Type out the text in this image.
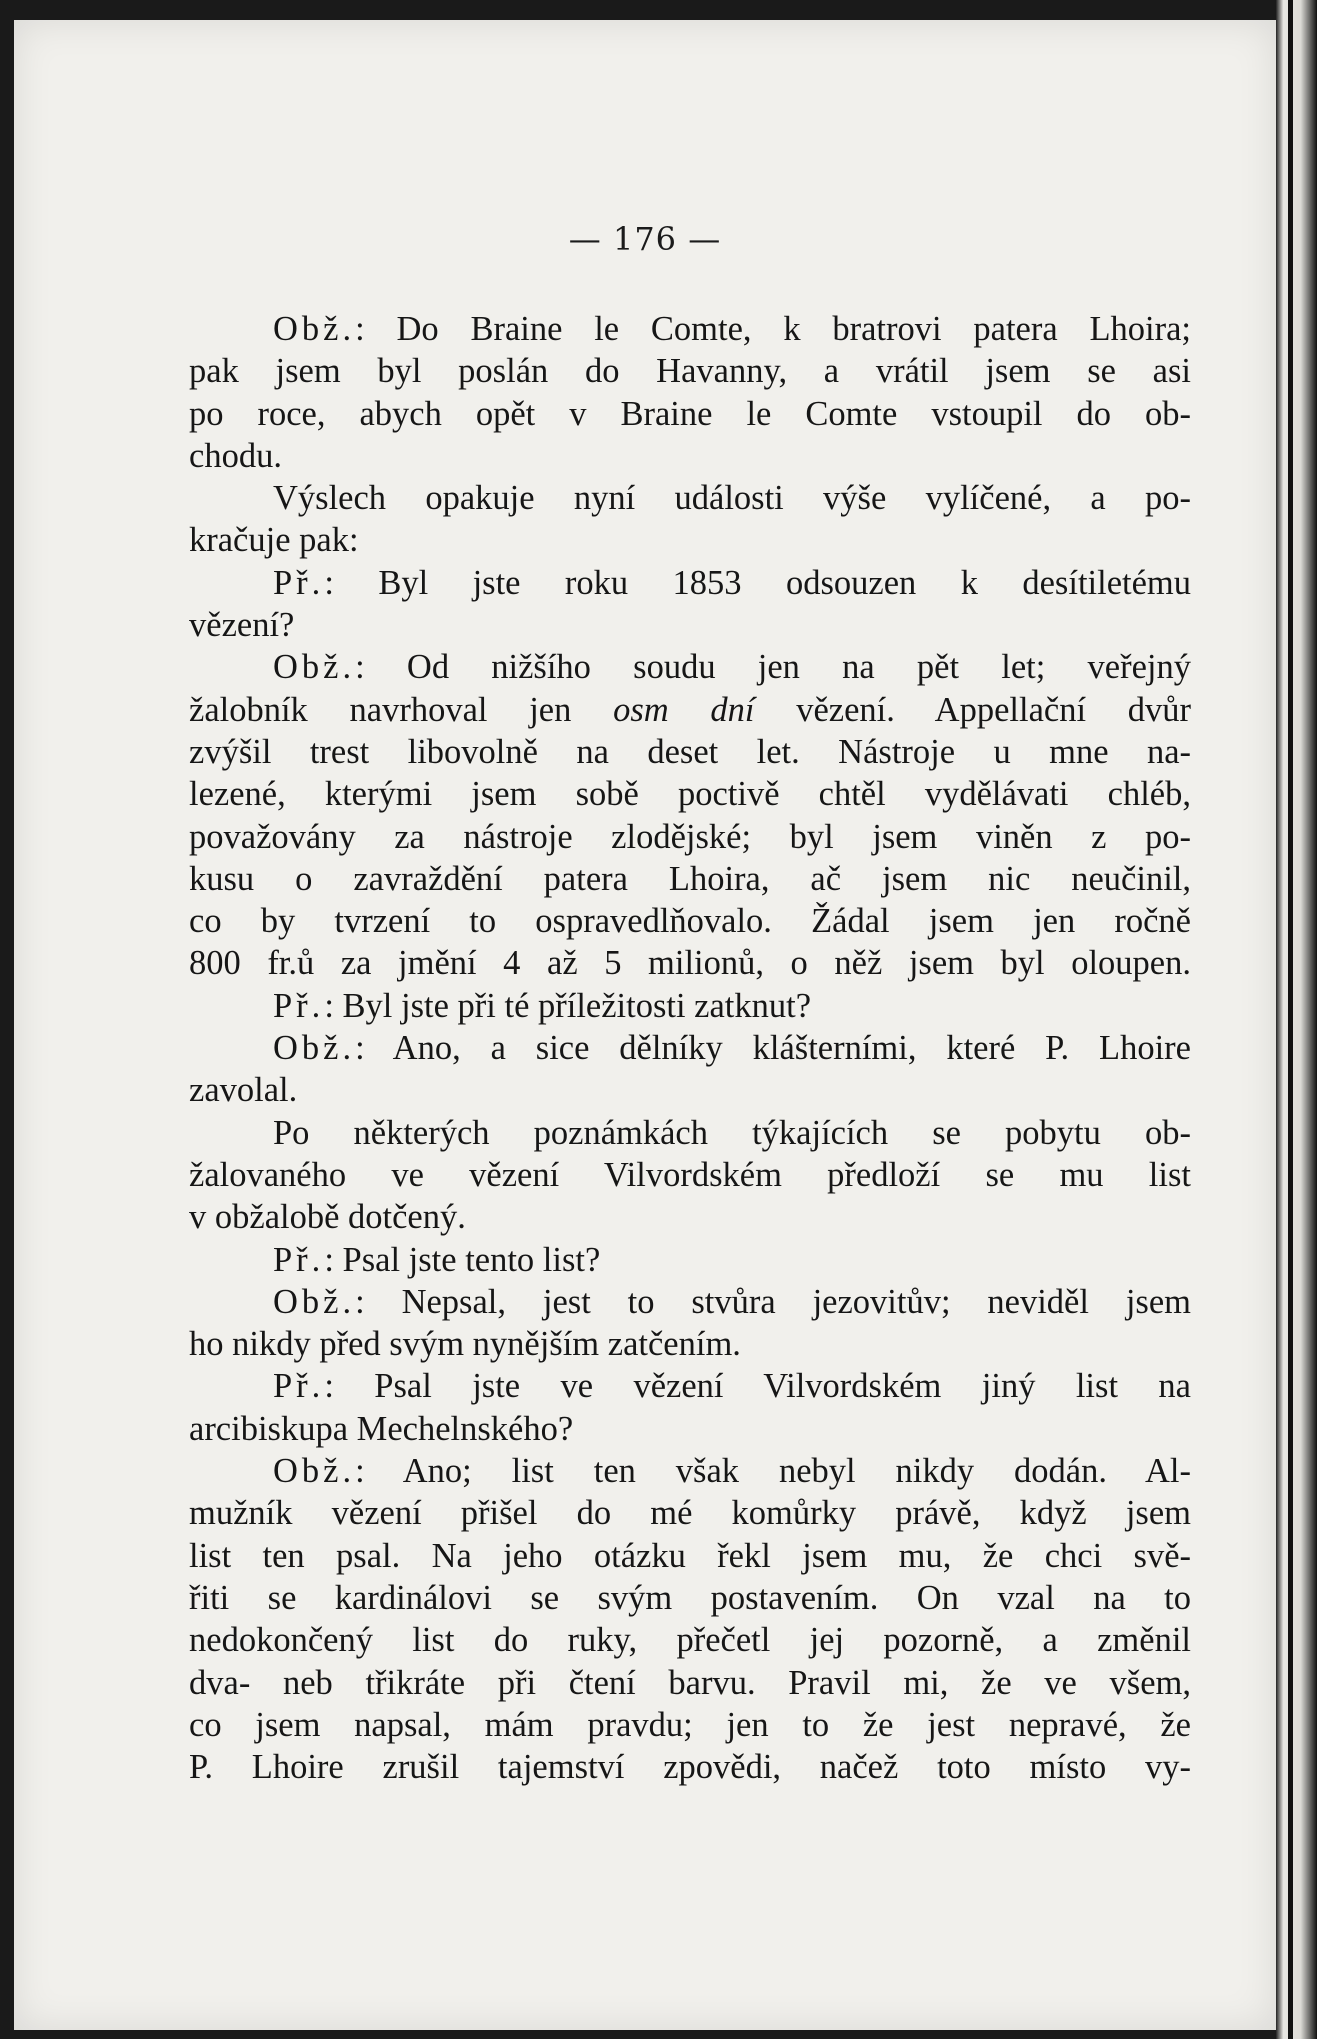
— 176 —
Obž.: Do Braine le Comte, k bratrovi patera Lhoira;
pak jsem byl poslán do Havanny, a vrátil jsem se asi
po roce, abych opět v Braine le Comte vstoupil do ob-
chodu.
Výslech opakuje nyní události výše vylíčené, a po-
kračuje pak:
Př.: Byl jste roku 1853 odsouzen k desítiletému
vězení?
Obž.: Od nižšího soudu jen na pět let; veřejný
žalobník navrhoval jen osm dní vězení. Appellační dvůr
zvýšil trest libovolně na deset let. Nástroje u mne na-
lezené, kterými jsem sobě poctivě chtěl vydělávati chléb,
považovány za nástroje zlodějské; byl jsem viněn z po-
kusu o zavraždění patera Lhoira, ač jsem nic neučinil,
co by tvrzení to ospravedlňovalo. Žádal jsem jen ročně
800 fr.ů za jmění 4 až 5 milionů, o něž jsem byl oloupen.
Př.: Byl jste při té příležitosti zatknut?
Obž.: Ano, a sice dělníky klášterními, které P. Lhoire
zavolal.
Po některých poznámkách týkajících se pobytu ob-
žalovaného ve vězení Vilvordském předloží se mu list
v obžalobě dotčený.
Př.: Psal jste tento list?
Obž.: Nepsal, jest to stvůra jezovitův; neviděl jsem
ho nikdy před svým nynějším zatčením.
Př.: Psal jste ve vězení Vilvordském jiný list na
arcibiskupa Mechelnského?
Obž.: Ano; list ten však nebyl nikdy dodán. Al-
mužník vězení přišel do mé komůrky právě, když jsem
list ten psal. Na jeho otázku řekl jsem mu, že chci svě-
řiti se kardinálovi se svým postavením. On vzal na to
nedokončený list do ruky, přečetl jej pozorně, a změnil
dva- neb třikráte při čtení barvu. Pravil mi, že ve všem,
co jsem napsal, mám pravdu; jen to že jest nepravé, že
P. Lhoire zrušil tajemství zpovědi, načež toto místo vy-
